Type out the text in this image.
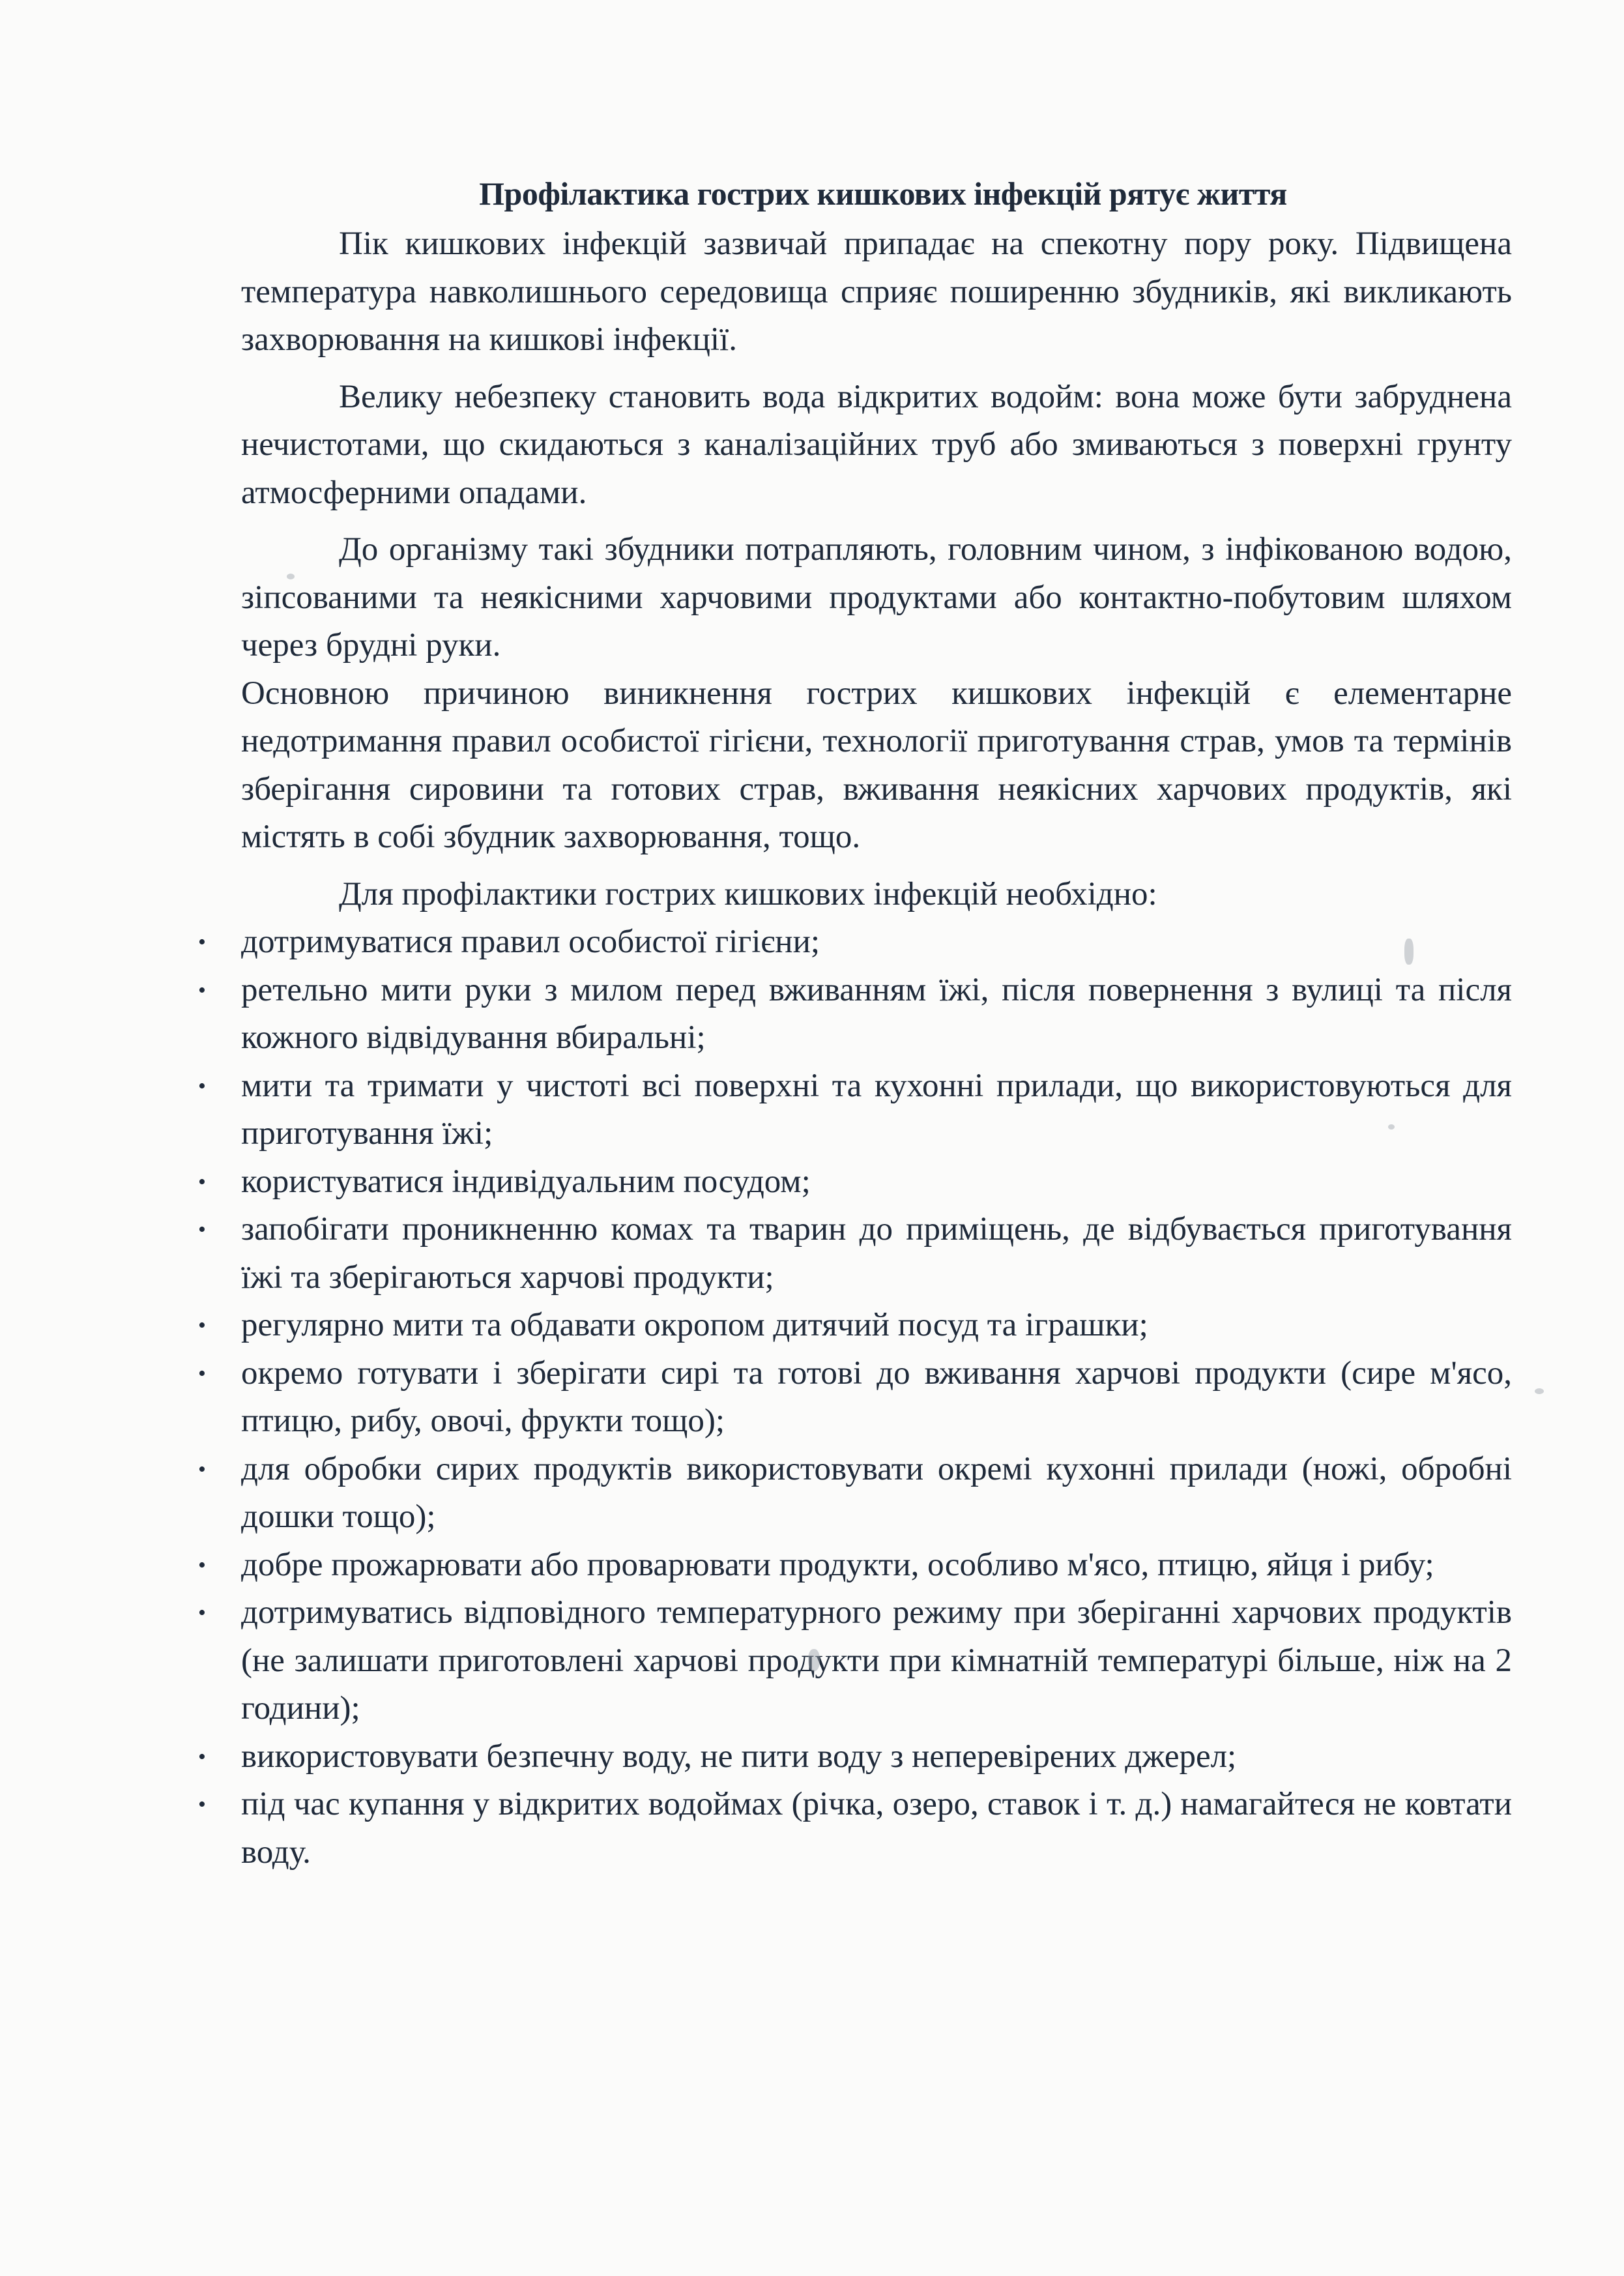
Профілактика гострих кишкових інфекцій рятує життя

Пік кишкових інфекцій зазвичай припадає на спекотну пору року. Підвищена температура навколишнього середовища сприяє поширенню збудників, які викликають захворювання на кишкові інфекції.

Велику небезпеку становить вода відкритих водойм: вона може бути забруднена нечистотами, що скидаються з каналізаційних труб або змиваються з поверхні грунту атмосферними опадами.

До організму такі збудники потрапляють, головним чином, з інфікованою водою, зіпсованими та неякісними харчовими продуктами або контактно-побутовим шляхом через брудні руки.

Основною причиною виникнення гострих кишкових інфекцій є елементарне недотримання правил особистої гігієни, технології приготування страв, умов та термінів зберігання сировини та готових страв, вживання неякісних харчових продуктів, які містять в собі збудник захворювання, тощо.

Для профілактики гострих кишкових інфекцій необхідно:

• дотримуватися правил особистої гігієни;
• ретельно мити руки з милом перед вживанням їжі, після повернення з вулиці та після кожного відвідування вбиральні;
• мити та тримати у чистоті всі поверхні та кухонні прилади, що використовуються для приготування їжі;
• користуватися індивідуальним посудом;
• запобігати проникненню комах та тварин до приміщень, де відбувається приготування їжі та зберігаються харчові продукти;
• регулярно мити та обдавати окропом дитячий посуд та іграшки;
• окремо готувати і зберігати сирі та готові до вживання харчові продукти (сире м'ясо, птицю, рибу, овочі, фрукти тощо);
• для обробки сирих продуктів використовувати окремі кухонні прилади (ножі, обробні дошки тощо);
• добре прожарювати або проварювати продукти, особливо м'ясо, птицю, яйця і рибу;
• дотримуватись відповідного температурного режиму при зберіганні харчових продуктів (не залишати приготовлені харчові продукти при кімнатній температурі більше, ніж на 2 години);
• використовувати безпечну воду, не пити воду з неперевірених джерел;
• під час купання у відкритих водоймах (річка, озеро, ставок і т. д.) намагайтеся не ковтати воду.
